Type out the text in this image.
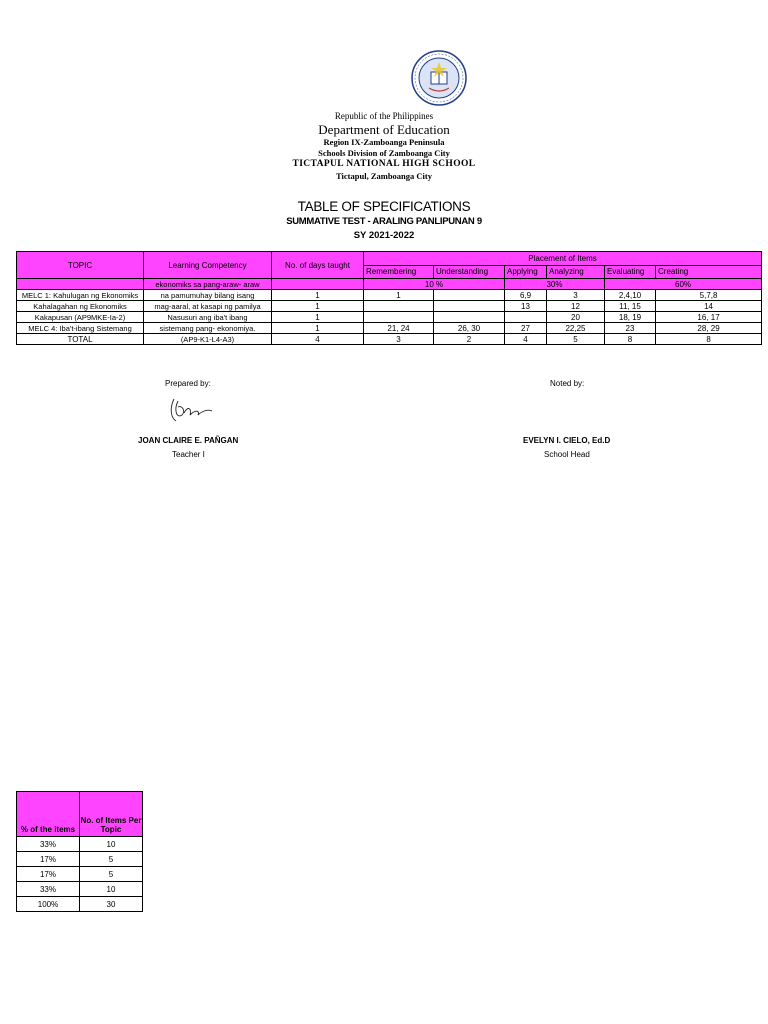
Republic of the Philippines
Department of Education
Region IX-Zamboanga Peninsula
Schools Division of Zamboanga City
TICTAPUL NATIONAL HIGH SCHOOL
Tictapul, Zamboanga City
TABLE OF SPECIFICATIONS
SUMMATIVE TEST - ARALING PANLIPUNAN 9
SY 2021-2022
TOPIC	Learning Competency	No. of days taught	Placement of Items					
			Remembering	Understanding	Applying	Analyzing	Evaluating	Creating
	ekonomiks sa pang-araw- araw		10 %		30%		60%	
MELC 1: Kahulugan ng Ekonomiks	na pamumuhay bilang isang	1	1		6,9	3	2,4,10	5,7,8
Kahalagahan ng Ekonomiks	mag-aaral, at kasapi ng pamilya	1			13	12	11, 15	14
Kakapusan (AP9MKE-Ia-2)	Nasusuri ang iba't ibang	1				20	18, 19	16, 17
MELC 4: Iba't-ibang Sistemang	sistemang pang- ekonomiya.	1	21, 24	26, 30	27	22,25	23	28, 29
TOTAL	(AP9-K1-L4-A3)	4	3	2	4	5	8	8
Prepared by:
JOAN CLAIRE E. PAÑGAN
Teacher I
Noted by:
EVELYN I. CIELO, Ed.D
School Head
% of the items	No. of Items Per Topic
33%	10
17%	5
17%	5
33%	10
100%	30
